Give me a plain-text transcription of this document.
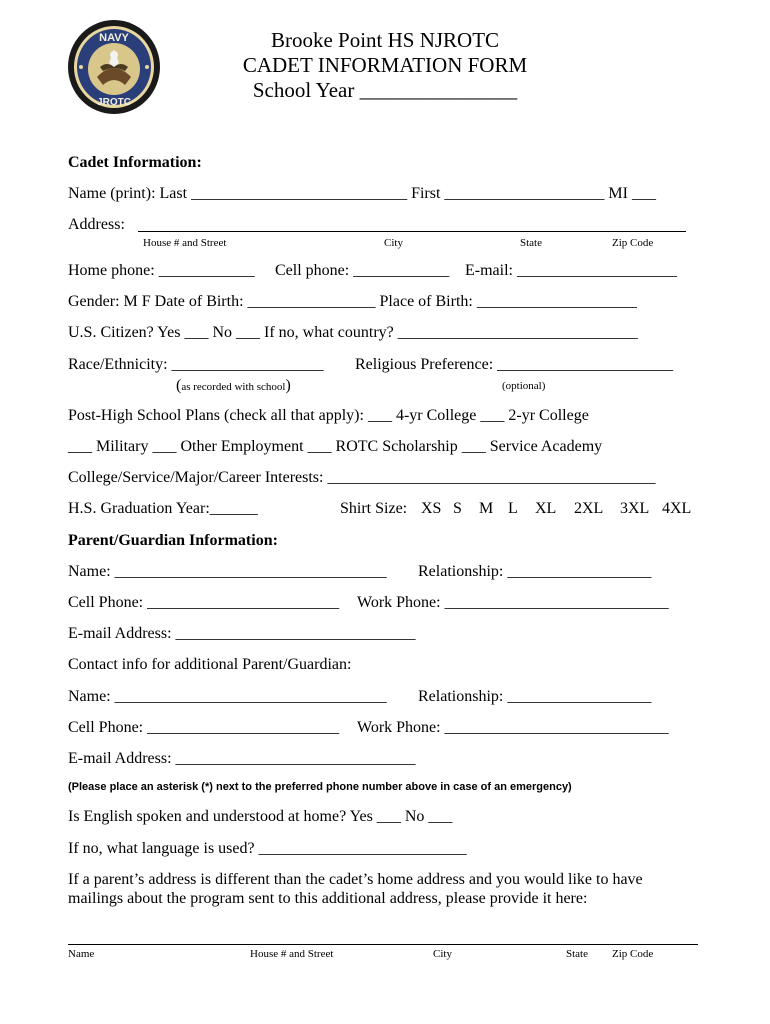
NAVY
JROTC
Brooke Point HS NJROTC
CADET INFORMATION FORM
School Year _______________
Cadet Information:
Name (print): Last ___________________________ First ____________________ MI ___
Address:
House # and Street	City	State	Zip Code
Home phone: ____________ Cell phone: ____________ E-mail: ____________________
Gender: M F Date of Birth: ________________ Place of Birth: ____________________
U.S. Citizen? Yes ___ No ___ If no, what country? ______________________________
Race/Ethnicity: ___________________ Religious Preference: ______________________
(as recorded with school)	(optional)
Post-High School Plans (check all that apply): ___ 4-yr College ___ 2-yr College
___ Military ___ Other Employment ___ ROTC Scholarship ___ Service Academy
College/Service/Major/Career Interests: _________________________________________
H.S. Graduation Year:______	Shirt Size: XS S M L XL 2XL 3XL 4XL
Parent/Guardian Information:
Name: __________________________________ Relationship: __________________
Cell Phone: ________________________ Work Phone: ____________________________
E-mail Address: ______________________________
Contact info for additional Parent/Guardian:
Name: __________________________________ Relationship: __________________
Cell Phone: ________________________ Work Phone: ____________________________
E-mail Address: ______________________________
(Please place an asterisk (*) next to the preferred phone number above in case of an emergency)
Is English spoken and understood at home? Yes ___ No ___
If no, what language is used? __________________________
If a parent’s address is different than the cadet’s home address and you would like to have
mailings about the program sent to this additional address, please provide it here:
Name	House # and Street	City	State Zip Code
